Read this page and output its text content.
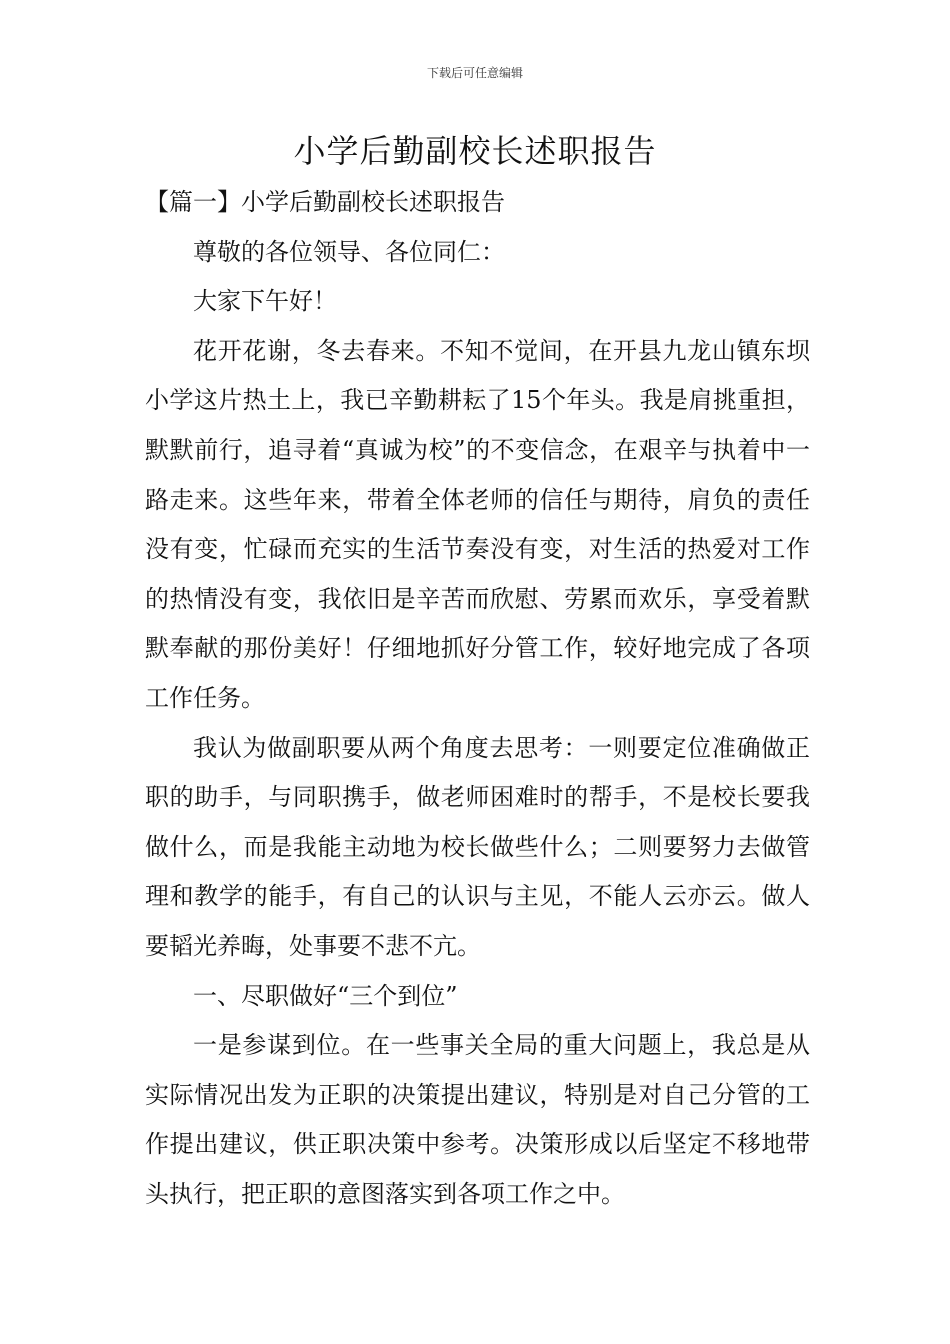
下载后可任意编辑
小学后勤副校长述职报告

【篇一】小学后勤副校长述职报告

尊敬的各位领导、各位同仁：

大家下午好！

花开花谢，冬去春来。不知不觉间，在开县九龙山镇东坝小学这片热土上，我已辛勤耕耘了15个年头。我是肩挑重担，默默前行，追寻着“真诚为校”的不变信念，在艰辛与执着中一路走来。这些年来，带着全体老师的信任与期待，肩负的责任没有变，忙碌而充实的生活节奏没有变，对生活的热爱对工作的热情没有变，我依旧是辛苦而欣慰、劳累而欢乐，享受着默默奉献的那份美好！仔细地抓好分管工作，较好地完成了各项工作任务。

我认为做副职要从两个角度去思考：一则要定位准确做正职的助手，与同职携手，做老师困难时的帮手，不是校长要我做什么，而是我能主动地为校长做些什么；二则要努力去做管理和教学的能手，有自己的认识与主见，不能人云亦云。做人要韬光养晦，处事要不悲不亢。

一、尽职做好“三个到位”

一是参谋到位。在一些事关全局的重大问题上，我总是从实际情况出发为正职的决策提出建议，特别是对自己分管的工作提出建议，供正职决策中参考。决策形成以后坚定不移地带头执行，把正职的意图落实到各项工作之中。
